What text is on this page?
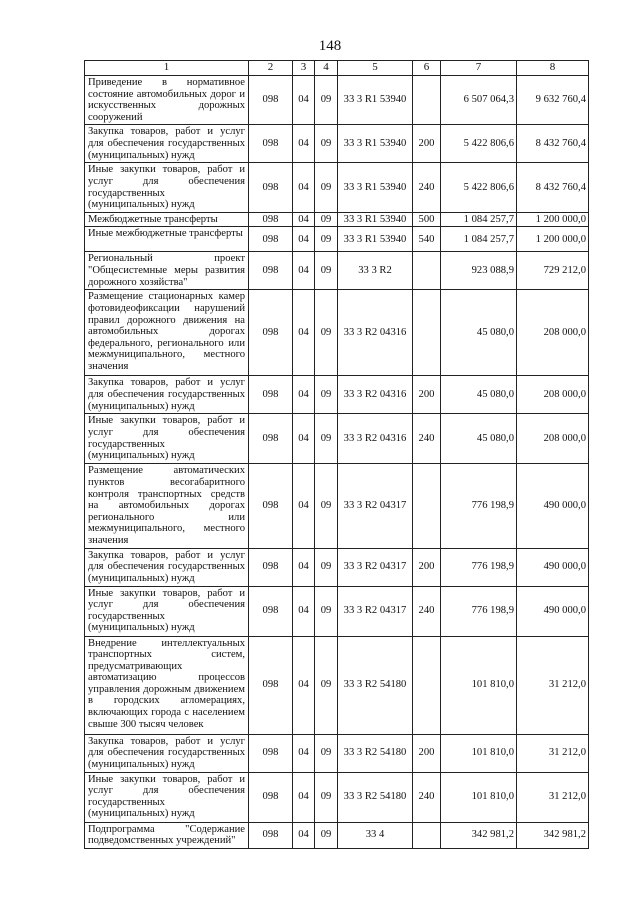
148
1	2	3	4	5	6	7	8
Приведение в нормативное состояние автомобильных дорог и искусственных дорожных сооружений	098	04	09	33 3 R1 53940		6 507 064,3	9 632 760,4
Закупка товаров, работ и услуг для обеспечения государственных (муниципальных) нужд	098	04	09	33 3 R1 53940	200	5 422 806,6	8 432 760,4
Иные закупки товаров, работ и услуг для обеспечения государственных (муниципальных) нужд	098	04	09	33 3 R1 53940	240	5 422 806,6	8 432 760,4
Межбюджетные трансферты	098	04	09	33 3 R1 53940	500	1 084 257,7	1 200 000,0
Иные межбюджетные трансферты	098	04	09	33 3 R1 53940	540	1 084 257,7	1 200 000,0
Региональный проект "Общесистемные меры развития дорожного хозяйства"	098	04	09	33 3 R2		923 088,9	729 212,0
Размещение стационарных камер фотовидеофиксации нарушений правил дорожного движения на автомобильных дорогах федерального, регионального или межмуниципального, местного значения	098	04	09	33 3 R2 04316		45 080,0	208 000,0
Закупка товаров, работ и услуг для обеспечения государственных (муниципальных) нужд	098	04	09	33 3 R2 04316	200	45 080,0	208 000,0
Иные закупки товаров, работ и услуг для обеспечения государственных (муниципальных) нужд	098	04	09	33 3 R2 04316	240	45 080,0	208 000,0
Размещение автоматических пунктов весогабаритного контроля транспортных средств на автомобильных дорогах регионального или межмуниципального, местного значения	098	04	09	33 3 R2 04317		776 198,9	490 000,0
Закупка товаров, работ и услуг для обеспечения государственных (муниципальных) нужд	098	04	09	33 3 R2 04317	200	776 198,9	490 000,0
Иные закупки товаров, работ и услуг для обеспечения государственных (муниципальных) нужд	098	04	09	33 3 R2 04317	240	776 198,9	490 000,0
Внедрение интеллектуальных транспортных систем, предусматривающих автоматизацию процессов управления дорожным движением в городских агломерациях, включающих города с населением свыше 300 тысяч человек	098	04	09	33 3 R2 54180		101 810,0	31 212,0
Закупка товаров, работ и услуг для обеспечения государственных (муниципальных) нужд	098	04	09	33 3 R2 54180	200	101 810,0	31 212,0
Иные закупки товаров, работ и услуг для обеспечения государственных (муниципальных) нужд	098	04	09	33 3 R2 54180	240	101 810,0	31 212,0
Подпрограмма "Содержание подведомственных учреждений"	098	04	09	33 4		342 981,2	342 981,2
